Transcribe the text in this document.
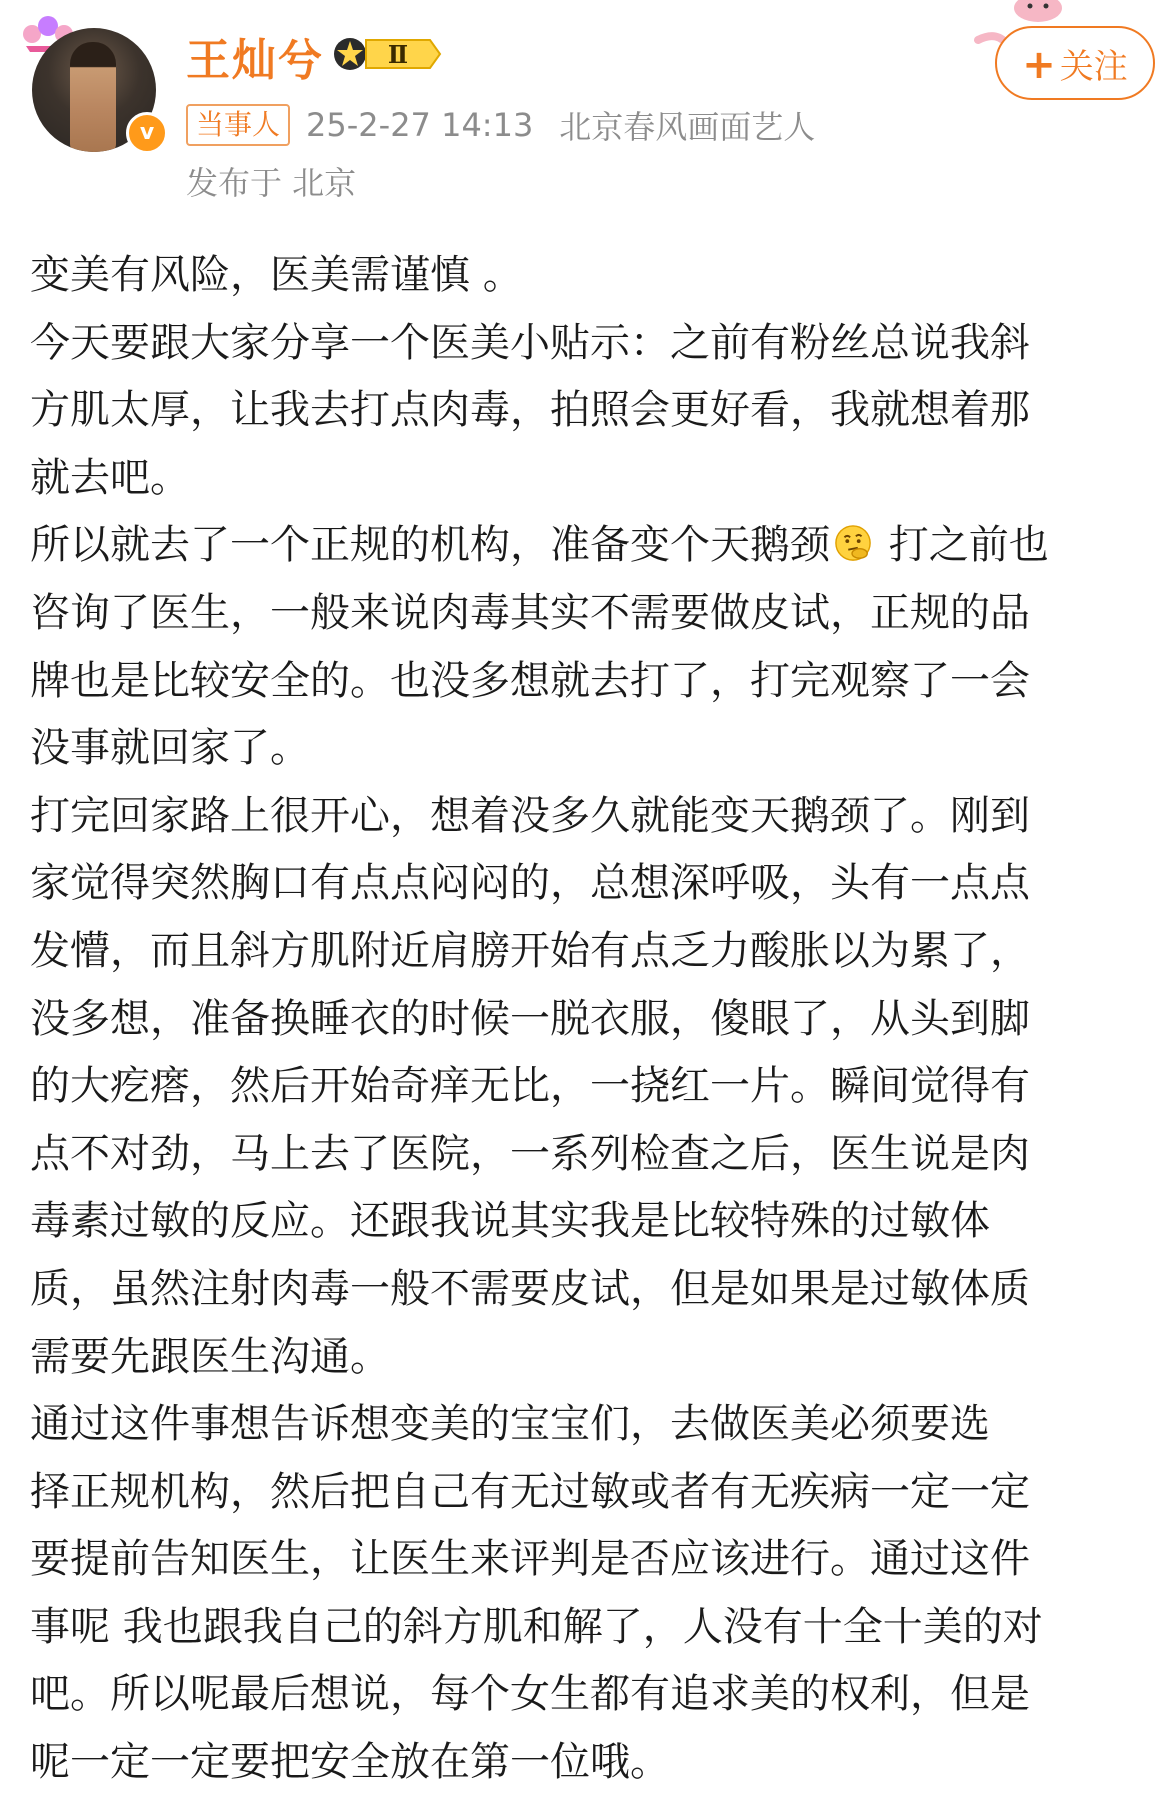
v
王灿兮	Ⅱ
当事人 25-2-27 14:13 北京春风画面艺人
发布于 北京
+ 关注
变美有风险，医美需谨慎 。
今天要跟大家分享一个医美小贴示：之前有粉丝总说我斜
方肌太厚，让我去打点肉毒，拍照会更好看，我就想着那
就去吧。
所以就去了一个正规的机构，准备变个天鹅颈 打之前也
咨询了医生，一般来说肉毒其实不需要做皮试，正规的品
牌也是比较安全的。也没多想就去打了，打完观察了一会
没事就回家了。
打完回家路上很开心，想着没多久就能变天鹅颈了。刚到
家觉得突然胸口有点点闷闷的，总想深呼吸，头有一点点
发懵，而且斜方肌附近肩膀开始有点乏力酸胀以为累了，
没多想，准备换睡衣的时候一脱衣服，傻眼了，从头到脚
的大疙瘩，然后开始奇痒无比，一挠红一片。瞬间觉得有
点不对劲，马上去了医院，一系列检查之后，医生说是肉
毒素过敏的反应。还跟我说其实我是比较特殊的过敏体
质，虽然注射肉毒一般不需要皮试，但是如果是过敏体质
需要先跟医生沟通。
通过这件事想告诉想变美的宝宝们，去做医美必须要选
择正规机构，然后把自己有无过敏或者有无疾病一定一定
要提前告知医生，让医生来评判是否应该进行。通过这件
事呢 我也跟我自己的斜方肌和解了，人没有十全十美的对
吧。所以呢最后想说，每个女生都有追求美的权利，但是
呢一定一定要把安全放在第一位哦。
